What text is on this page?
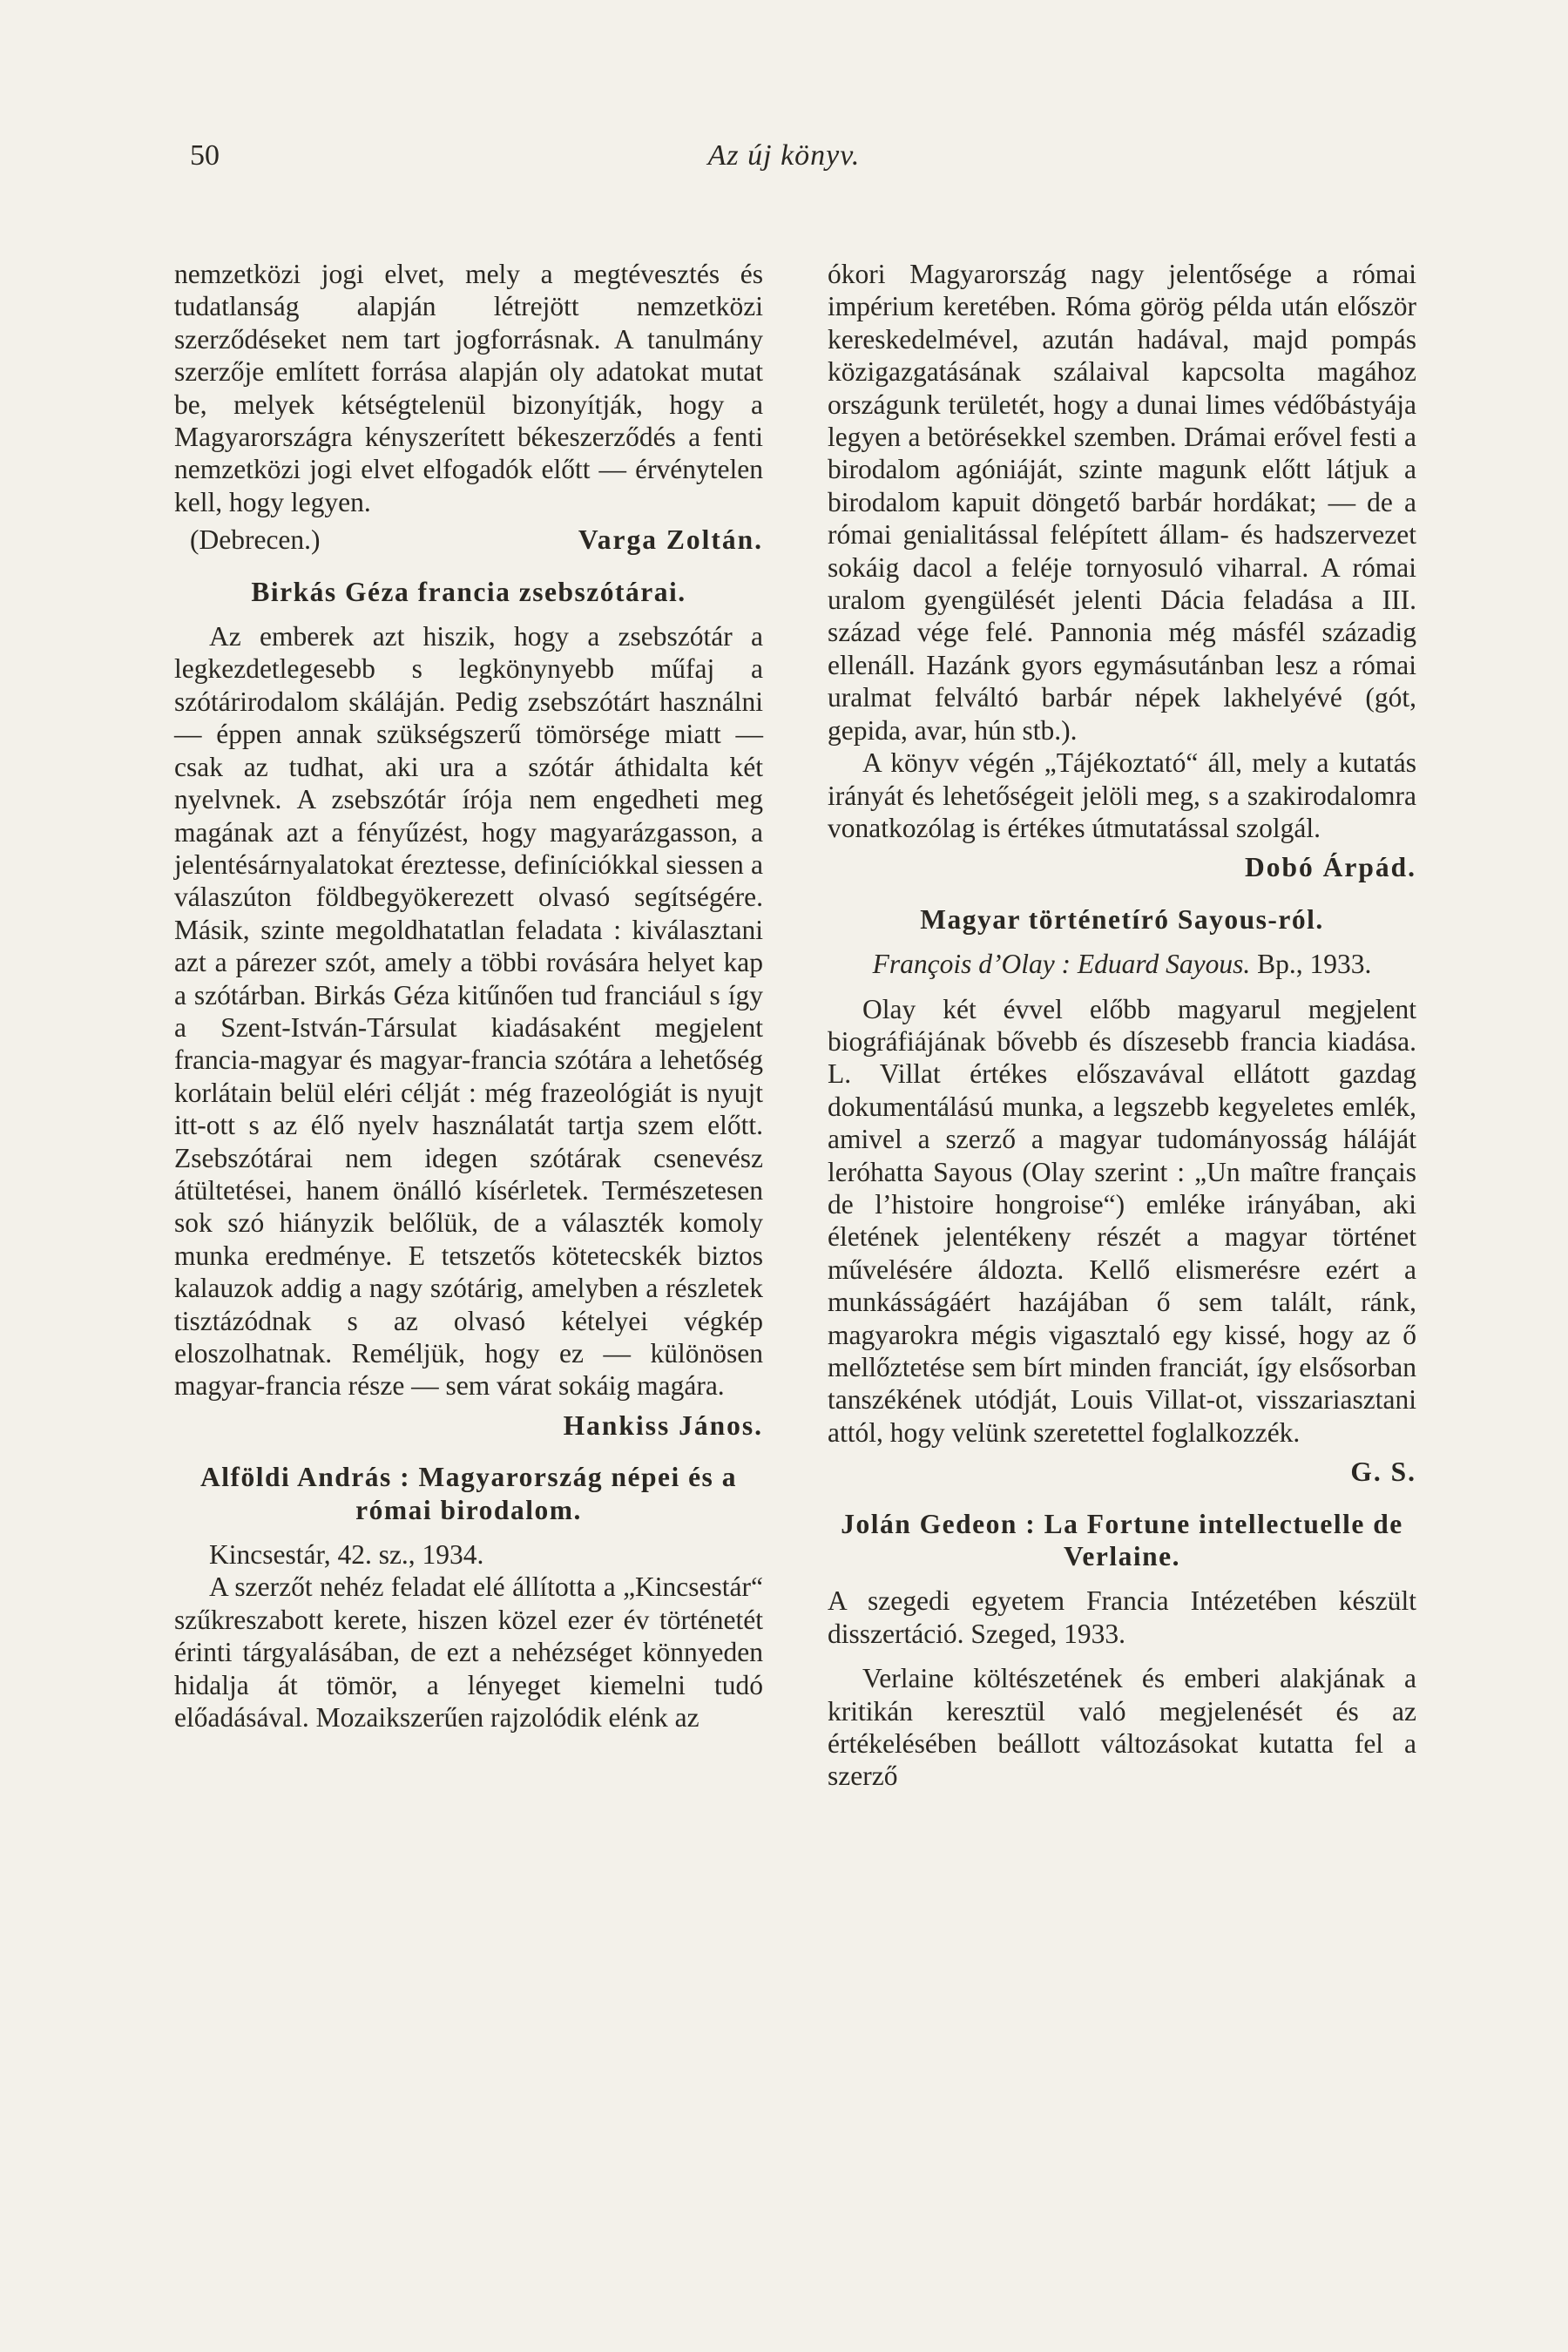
50	Az új könyv.

nemzetközi jogi elvet, mely a megtévesztés és tudatlanság alapján létrejött nemzetközi szerződéseket nem tart jogforrásnak. A tanulmány szerzője említett forrása alapján oly adatokat mutat be, melyek kétségtelenül bizonyítják, hogy a Magyarországra kényszerített békeszerződés a fenti nemzetközi jogi elvet elfogadók előtt — érvénytelen kell, hogy legyen.

(Debrecen.)	Varga Zoltán.
Birkás Géza francia zsebszótárai.

Az emberek azt hiszik, hogy a zsebszótár a legkezdetlegesebb s legkönynyebb műfaj a szótárirodalom skáláján. Pedig zsebszótárt használni — éppen annak szükségszerű tömörsége miatt — csak az tudhat, aki ura a szótár áthidalta két nyelvnek. A zsebszótár írója nem engedheti meg magának azt a fényűzést, hogy magyarázgasson, a jelentésárnyalatokat éreztesse, definíciókkal siessen a válaszúton földbegyökerezett olvasó segítségére. Másik, szinte megoldhatatlan feladata : kiválasztani azt a párezer szót, amely a többi rovására helyet kap a szótárban. Birkás Géza kitűnően tud franciául s így a Szent-István-Társulat kiadásaként megjelent francia-magyar és magyar-francia szótára a lehetőség korlátain belül eléri célját : még frazeológiát is nyujt itt-ott s az élő nyelv használatát tartja szem előtt. Zsebszótárai nem idegen szótárak csenevész átültetései, hanem önálló kísérletek. Természetesen sok szó hiányzik belőlük, de a választék komoly munka eredménye. E tetszetős kötetecskék biztos kalauzok addig a nagy szótárig, amelyben a részletek tisztázódnak s az olvasó kételyei végkép eloszolhatnak. Reméljük, hogy ez — különösen magyar-francia része — sem várat sokáig magára.

Hankiss János.
Alföldi András : Magyarország népei és a római birodalom.

Kincsestár, 42. sz., 1934.

A szerzőt nehéz feladat elé állította a „Kincsestár“ szűkreszabott kerete, hiszen közel ezer év történetét érinti tárgyalásában, de ezt a nehézséget könnyeden hidalja át tömör, a lényeget kiemelni tudó előadásával. Mozaikszerűen rajzolódik elénk az

ókori Magyarország nagy jelentősége a római impérium keretében. Róma görög példa után először kereskedelmével, azután hadával, majd pompás közigazgatásának szálaival kapcsolta magához országunk területét, hogy a dunai limes védőbástyája legyen a betörésekkel szemben. Drámai erővel festi a birodalom agóniáját, szinte magunk előtt látjuk a birodalom kapuit döngető barbár hordákat; — de a római genialitással felépített állam- és hadszervezet sokáig dacol a feléje tornyosuló viharral. A római uralom gyengülését jelenti Dácia feladása a III. század vége felé. Pannonia még másfél századig ellenáll. Hazánk gyors egymásutánban lesz a római uralmat felváltó barbár népek lakhelyévé (gót, gepida, avar, hún stb.).

A könyv végén „Tájékoztató“ áll, mely a kutatás irányát és lehetőségeit jelöli meg, s a szakirodalomra vonatkozólag is értékes útmutatással szolgál.

Dobó Árpád.
Magyar történetíró Sayous-ról.

François d’Olay : Eduard Sayous. Bp., 1933.

Olay két évvel előbb magyarul megjelent biográfiájának bővebb és díszesebb francia kiadása. L. Villat értékes előszavával ellátott gazdag dokumentálású munka, a legszebb kegyeletes emlék, amivel a szerző a magyar tudományosság háláját leróhatta Sayous (Olay szerint : „Un maître français de l’histoire hongroise“) emléke irányában, aki életének jelentékeny részét a magyar történet művelésére áldozta. Kellő elismerésre ezért a munkásságáért hazájában ő sem talált, ránk, magyarokra mégis vigasztaló egy kissé, hogy az ő mellőztetése sem bírt minden franciát, így elsősorban tanszékének utódját, Louis Villat-ot, visszariasztani attól, hogy velünk szeretettel foglalkozzék.

G. S.
Jolán Gedeon : La Fortune intellectuelle de Verlaine.

A szegedi egyetem Francia Intézetében készült disszertáció. Szeged, 1933.

Verlaine költészetének és emberi alakjának a kritikán keresztül való megjelenését és az értékelésében beállott változásokat kutatta fel a szerző
